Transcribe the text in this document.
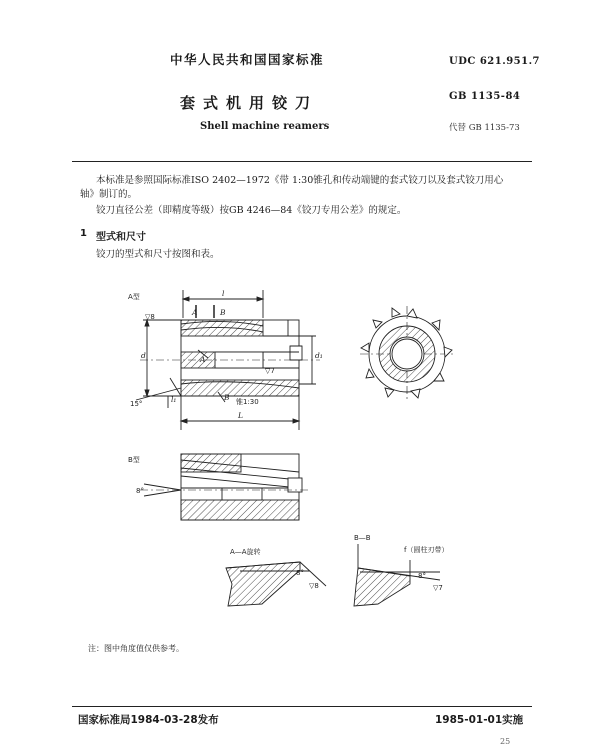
中华人民共和国国家标准	UDC 621.951.7
套式机用铰刀	GB 1135-84
Shell machine reamers	代替 GB 1135-73
本标准是参照国际标准ISO 2402—1972《带 1:30锥孔和传动端键的套式铰刀以及套式铰刀用心
轴》制订的。
铰刀直径公差（即精度等级）按GB 4246—84《铰刀专用公差》的规定。
1 型式和尺寸
铰刀的型式和尺寸按图和表。
A型	l
▽8
d	d₁
A	B
A
B 锥1:30
▽7
15°	l₁
L
B型
8°
A—A旋转
8°
▽8
B—B
f（圆柱刃带）
8°
▽7
注：图中角度值仅供参考。
国家标准局1984-03-28发布	1985-01-01实施
25
